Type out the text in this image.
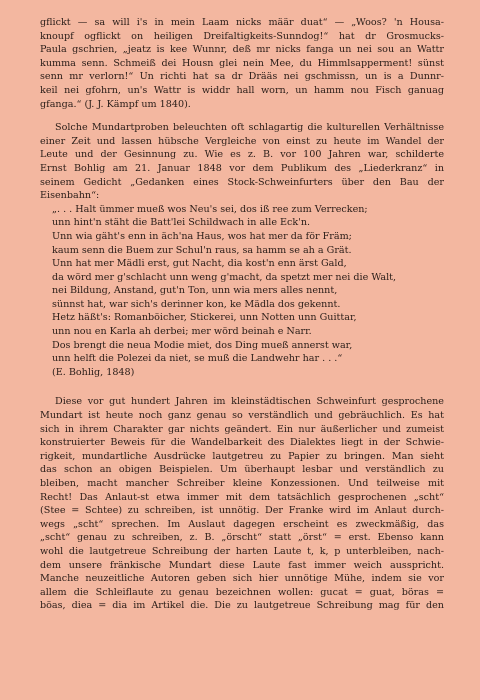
gflickt — sa will i's in mein Laam nicks määr duat“ — „Woos? 'n Housa-
knoupf ogflickt on heiligen Dreifaltigkeits-Sunndog!“ hat dr Grosmucks-
Paula gschrien, „jeatz is kee Wunnr, deß mr nicks fanga un nei sou an Wattr
kumma senn. Schmeiß dei Housn glei nein Mee, du Himmlsapperment! sünst
senn mr verlorn!“ Un richti hat sa dr Drääs nei gschmissn, un is a Dunnr-
keil nei gfohrn, un's Wattr is widdr hall worn, un hamm nou Fisch ganuag
gfanga.“ (J. J. Kämpf um 1840).
Solche Mundartproben beleuchten oft schlagartig die kulturellen Verhältnisse
einer Zeit und lassen hübsche Vergleiche von einst zu heute im Wandel der
Leute und der Gesinnung zu. Wie es z. B. vor 100 Jahren war, schilderte
Ernst Bohlig am 21. Januar 1848 vor dem Publikum des „Liederkranz“ in
seinem Gedicht „Gedanken eines Stock-Schweinfurters über den Bau der
Eisenbahn“:
„. . . Halt ümmer mueß wos Neu's sei, dos iß ree zum Verrecken;
unn hint'n stäht die Batt'lei Schildwach in alle Eck'n.
Unn wia gäht's enn in äch'na Haus, wos hat mer da för Främ;
kaum senn die Buem zur Schul'n raus, sa hamm se ah a Grät.
Unn hat mer Mädli erst, gut Nacht, dia kost'n enn ärst Gald,
da wörd mer g'schlacht unn weng g'macht, da spetzt mer nei die Walt,
nei Bildung, Anstand, gut'n Ton, unn wia mers alles nennt,
sünnst hat, war sich's derinner kon, ke Mädla dos gekennt.
Hetz häßt's: Romanböicher, Stickerei, unn Notten unn Guittar,
unn nou en Karla ah derbei; mer wörd beinah e Narr.
Dos brengt die neua Modie miet, dos Ding mueß annerst war,
unn helft die Polezei da niet, se muß die Landwehr har . . .“
(E. Bohlig, 1848)
Diese vor gut hundert Jahren im kleinstädtischen Schweinfurt gesprochene
Mundart ist heute noch ganz genau so verständlich und gebräuchlich. Es hat
sich in ihrem Charakter gar nichts geändert. Ein nur äußerlicher und zumeist
konstruierter Beweis für die Wandelbarkeit des Dialektes liegt in der Schwie-
rigkeit, mundartliche Ausdrücke lautgetreu zu Papier zu bringen. Man sieht
das schon an obigen Beispielen. Um überhaupt lesbar und verständlich zu
bleiben, macht mancher Schreiber kleine Konzessionen. Und teilweise mit
Recht! Das Anlaut-st etwa immer mit dem tatsächlich gesprochenen „scht“
(Stee = Schtee) zu schreiben, ist unnötig. Der Franke wird im Anlaut durch-
wegs „scht“ sprechen. Im Auslaut dagegen erscheint es zweckmäßig, das
„scht“ genau zu schreiben, z. B. „örscht“ statt „örst“ = erst. Ebenso kann
wohl die lautgetreue Schreibung der harten Laute t, k, p unterbleiben, nach-
dem unsere fränkische Mundart diese Laute fast immer weich ausspricht.
Manche neuzeitliche Autoren geben sich hier unnötige Mühe, indem sie vor
allem die Schleiflaute zu genau bezeichnen wollen: gucat = guat, böras =
böas, diea = dia im Artikel die. Die zu lautgetreue Schreibung mag für den
